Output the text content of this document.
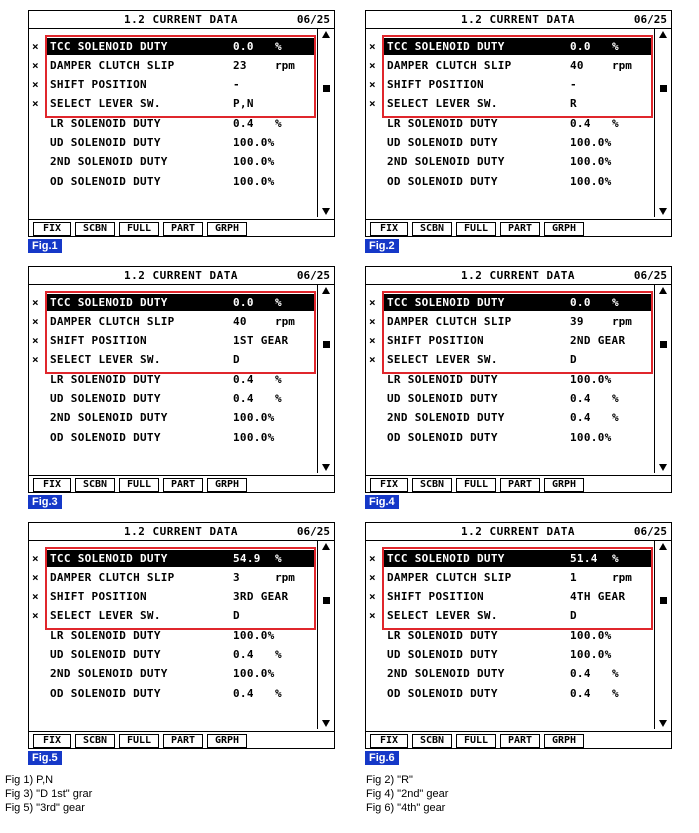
1.2 CURRENT DATA	06/25
×	TCC SOLENOID DUTY	0.0 %
×	DAMPER CLUTCH SLIP	23	rpm
×	SHIFT POSITION	-
×	SELECT LEVER SW.	P,N
LR SOLENOID DUTY	0.4 %
UD SOLENOID DUTY	100.0%
2ND SOLENOID DUTY	100.0%
OD SOLENOID DUTY	100.0%
FIX	SCBN	FULL	PART	GRPH
Fig.1
1.2 CURRENT DATA	06/25
×	TCC SOLENOID DUTY	0.0 %
×	DAMPER CLUTCH SLIP	40	rpm
×	SHIFT POSITION	-
×	SELECT LEVER SW.	R
LR SOLENOID DUTY	0.4 %
UD SOLENOID DUTY	100.0%
2ND SOLENOID DUTY	100.0%
OD SOLENOID DUTY	100.0%
FIX	SCBN	FULL	PART	GRPH
Fig.2
1.2 CURRENT DATA	06/25
×	TCC SOLENOID DUTY	0.0 %
×	DAMPER CLUTCH SLIP	40	rpm
×	SHIFT POSITION	1ST GEAR
×	SELECT LEVER SW.	D
LR SOLENOID DUTY	0.4 %
UD SOLENOID DUTY	0.4 %
2ND SOLENOID DUTY	100.0%
OD SOLENOID DUTY	100.0%
FIX	SCBN	FULL	PART	GRPH
Fig.3
1.2 CURRENT DATA	06/25
×	TCC SOLENOID DUTY	0.0 %
×	DAMPER CLUTCH SLIP	39	rpm
×	SHIFT POSITION	2ND GEAR
×	SELECT LEVER SW.	D
LR SOLENOID DUTY	100.0%
UD SOLENOID DUTY	0.4 %
2ND SOLENOID DUTY	0.4 %
OD SOLENOID DUTY	100.0%
FIX	SCBN	FULL	PART	GRPH
Fig.4
1.2 CURRENT DATA	06/25
×	TCC SOLENOID DUTY	54.9 %
×	DAMPER CLUTCH SLIP	3	rpm
×	SHIFT POSITION	3RD GEAR
×	SELECT LEVER SW.	D
LR SOLENOID DUTY	100.0%
UD SOLENOID DUTY	0.4 %
2ND SOLENOID DUTY	100.0%
OD SOLENOID DUTY	0.4 %
FIX	SCBN	FULL	PART	GRPH
Fig.5
1.2 CURRENT DATA	06/25
×	TCC SOLENOID DUTY	51.4 %
×	DAMPER CLUTCH SLIP	1	rpm
×	SHIFT POSITION	4TH GEAR
×	SELECT LEVER SW.	D
LR SOLENOID DUTY	100.0%
UD SOLENOID DUTY	100.0%
2ND SOLENOID DUTY	0.4 %
OD SOLENOID DUTY	0.4 %
FIX	SCBN	FULL	PART	GRPH
Fig.6
Fig 1) P,N
Fig 3) "D 1st" grar
Fig 5) "3rd" gear
Fig 2) "R"
Fig 4) "2nd" gear
Fig 6) "4th" gear
